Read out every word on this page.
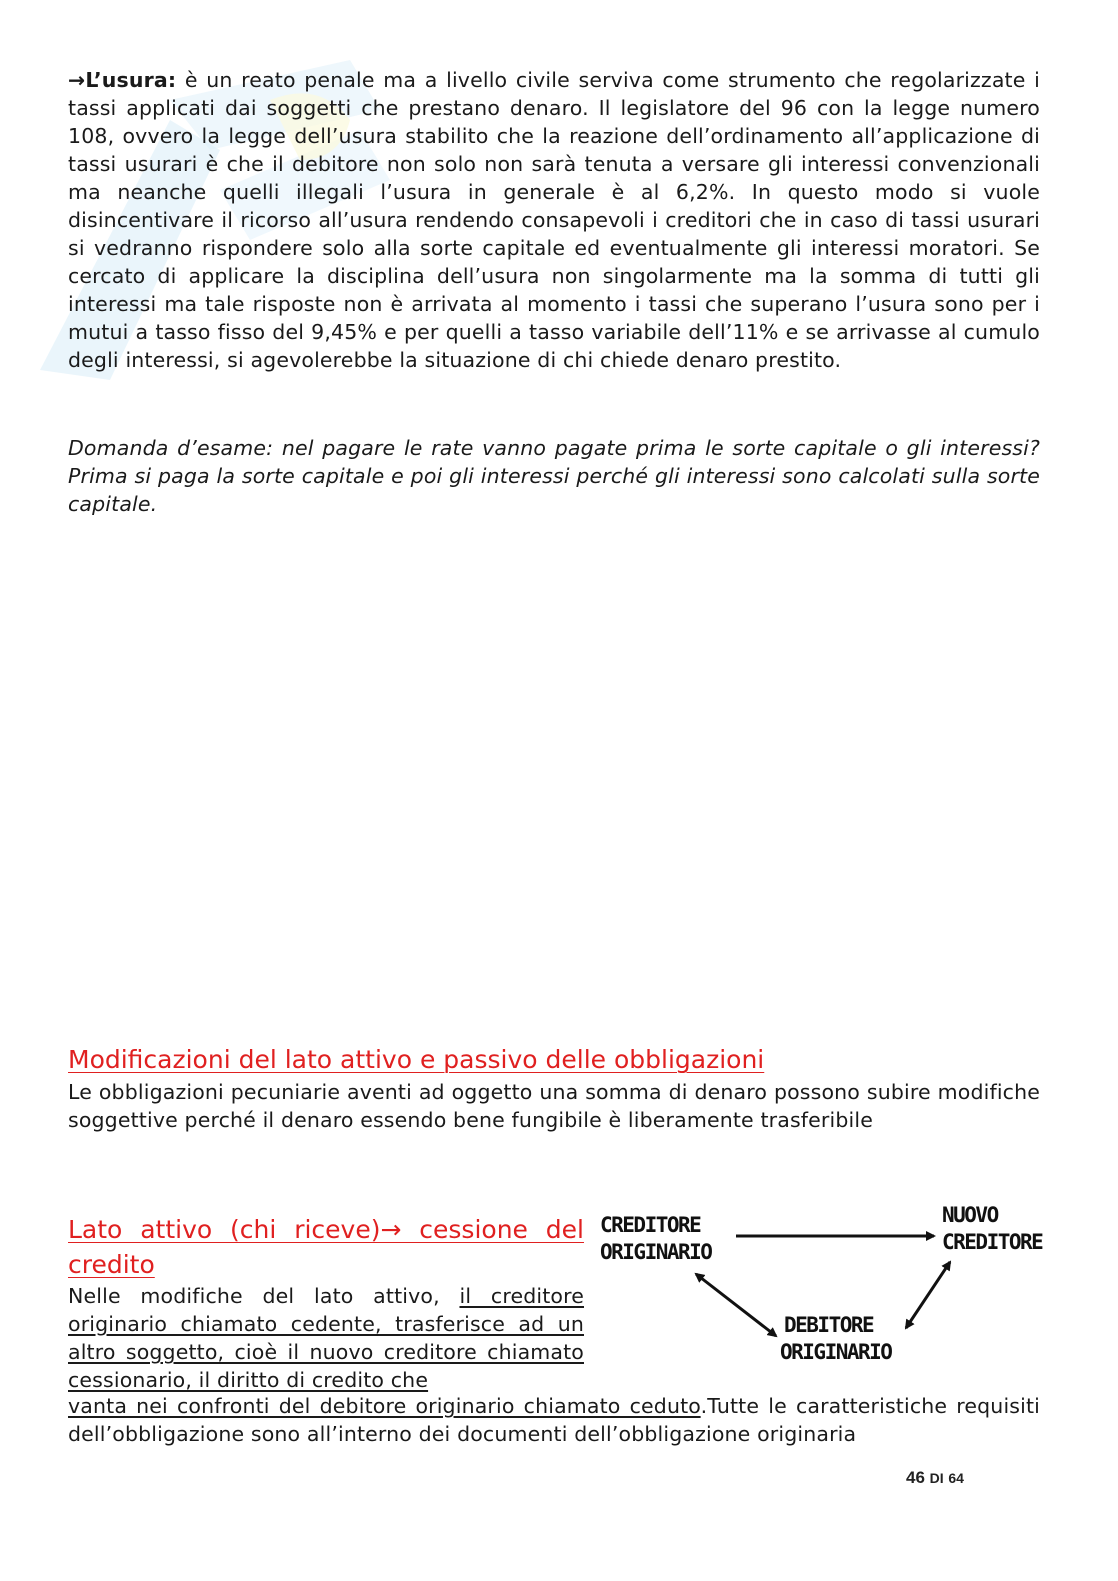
→L’usura: è un reato penale ma a livello civile serviva come strumento che regolarizzate i tassi applicati dai soggetti che prestano denaro. Il legislatore del 96 con la legge numero 108, ovvero la legge dell’usura stabilito che la reazione dell’ordinamento all’applicazione di tassi usurari è che il debitore non solo non sarà tenuta a versare gli interessi convenzionali ma neanche quelli illegali l’usura in generale è al 6,2%. In questo modo si vuole disincentivare il ricorso all’usura rendendo consapevoli i creditori che in caso di tassi usurari si vedranno rispondere solo alla sorte capitale ed eventualmente gli interessi moratori. Se cercato di applicare la disciplina dell’usura non singolarmente ma la somma di tutti gli interessi ma tale risposte non è arrivata al momento i tassi che superano l’usura sono per i mutui a tasso fisso del 9,45% e per quelli a tasso variabile dell’11% e se arrivasse al cumulo degli interessi, si agevolerebbe la situazione di chi chiede denaro prestito.

Domanda d’esame: nel pagare le rate vanno pagate prima le sorte capitale o gli interessi? Prima si paga la sorte capitale e poi gli interessi perché gli interessi sono calcolati sulla sorte capitale.

Modificazioni del lato attivo e passivo delle obbligazioni

Le obbligazioni pecuniarie aventi ad oggetto una somma di denaro possono subire modifiche soggettive perché il denaro essendo bene fungibile è liberamente trasferibile

Lato attivo (chi riceve)→ cessione del credito

Nelle modifiche del lato attivo, il creditore originario chiamato cedente, trasferisce ad un altro soggetto, cioè il nuovo creditore chiamato cessionario, il diritto di credito che

vanta nei confronti del debitore originario chiamato ceduto.Tutte le caratteristiche requisiti dell’obbligazione sono all’interno dei documenti dell’obbligazione originaria

CREDITORE
ORIGINARIO
NUOVO
CREDITORE
DEBITORE
ORIGINARIO
46 DI 64
